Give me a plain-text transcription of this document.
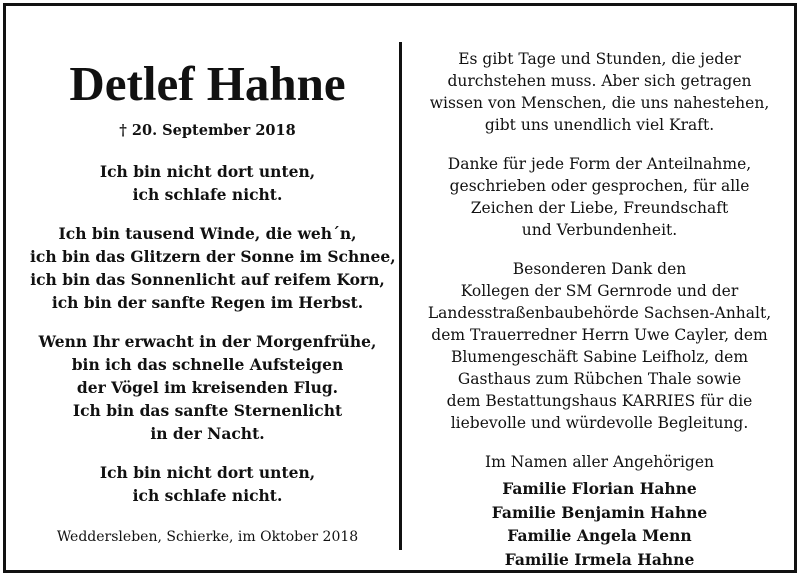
Detlef Hahne
† 20. September 2018
Ich bin nicht dort unten,
ich schlafe nicht.
Ich bin tausend Winde, die weh´n,
ich bin das Glitzern der Sonne im Schnee,
ich bin das Sonnenlicht auf reifem Korn,
ich bin der sanfte Regen im Herbst.
Wenn Ihr erwacht in der Morgenfrühe,
bin ich das schnelle Aufsteigen
der Vögel im kreisenden Flug.
Ich bin das sanfte Sternenlicht
in der Nacht.
Ich bin nicht dort unten,
ich schlafe nicht.
Weddersleben, Schierke, im Oktober 2018
Es gibt Tage und Stunden, die jeder
durchstehen muss. Aber sich getragen
wissen von Menschen, die uns nahestehen,
gibt uns unendlich viel Kraft.
Danke für jede Form der Anteilnahme,
geschrieben oder gesprochen, für alle
Zeichen der Liebe, Freundschaft
und Verbundenheit.
Besonderen Dank den
Kollegen der SM Gernrode und der
Landesstraßenbaubehörde Sachsen-Anhalt,
dem Trauerredner Herrn Uwe Cayler, dem
Blumengeschäft Sabine Leifholz, dem
Gasthaus zum Rübchen Thale sowie
dem Bestattungshaus KARRIES für die
liebevolle und würdevolle Begleitung.
Im Namen aller Angehörigen
Familie Florian Hahne
Familie Benjamin Hahne
Familie Angela Menn
Familie Irmela Hahne
